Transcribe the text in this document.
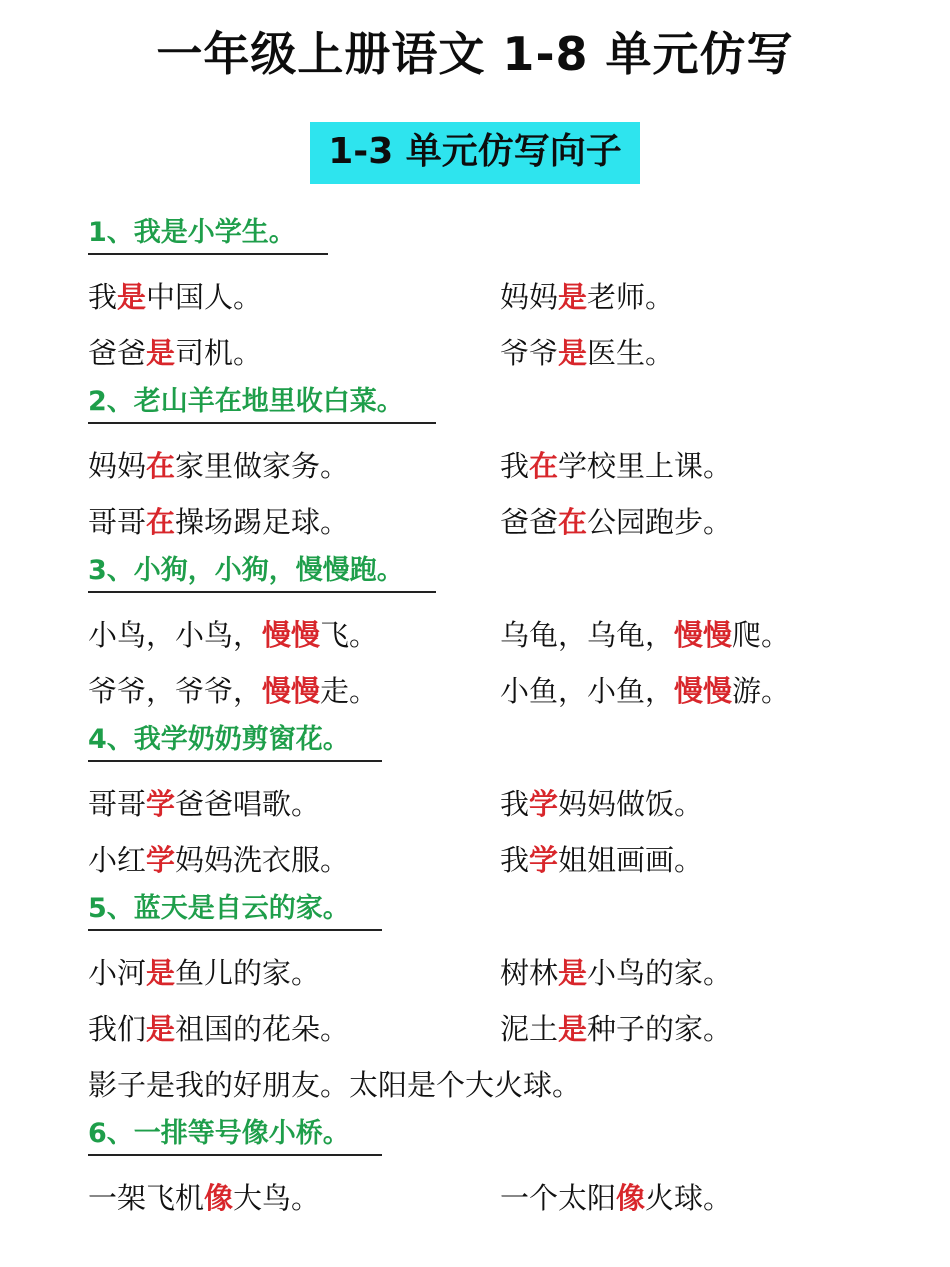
一年级上册语文 1-8 单元仿写
1-3 单元仿写向子
1、我是小学生。
我是中国人。	妈妈是老师。
爸爸是司机。	爷爷是医生。
2、老山羊在地里收白菜。
妈妈在家里做家务。	我在学校里上课。
哥哥在操场踢足球。	爸爸在公园跑步。
3、小狗，小狗，慢慢跑。
小鸟，小鸟，慢慢飞。	乌龟，乌龟，慢慢爬。
爷爷，爷爷，慢慢走。	小鱼，小鱼，慢慢游。
4、我学奶奶剪窗花。
哥哥学爸爸唱歌。	我学妈妈做饭。
小红学妈妈洗衣服。	我学姐姐画画。
5、蓝天是自云的家。
小河是鱼儿的家。	树林是小鸟的家。
我们是祖国的花朵。	泥土是种子的家。
影子是我的好朋友。太阳是个大火球。
6、一排等号像小桥。
一架飞机像大鸟。	一个太阳像火球。
